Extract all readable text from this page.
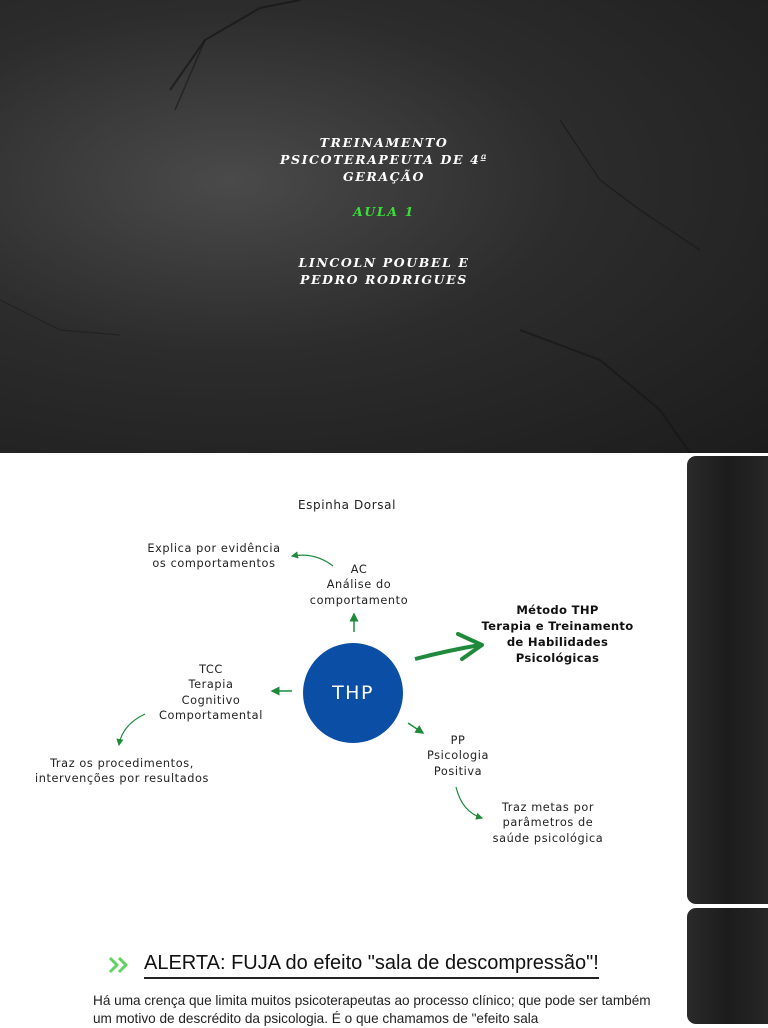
TREINAMENTO
PSICOTERAPEUTA DE 4ª
GERAÇÃO
AULA 1
LINCOLN POUBEL E
PEDRO RODRIGUES
Espinha Dorsal
Explica por evidência
os comportamentos	AC
Análise do
comportamento
Método THP
Terapia e Treinamento
de Habilidades
Psicológicas
THP
TCC
Terapia
Cognitivo
Comportamental
Traz os procedimentos,
intervenções por resultados
PP
Psicologia
Positiva
Traz metas por
parâmetros de
saúde psicológica
ALERTA: FUJA do efeito "sala de descompressão"!
Há uma crença que limita muitos psicoterapeutas ao processo clínico; que pode ser também um motivo de descrédito da psicologia. É o que chamamos de "efeito sala
